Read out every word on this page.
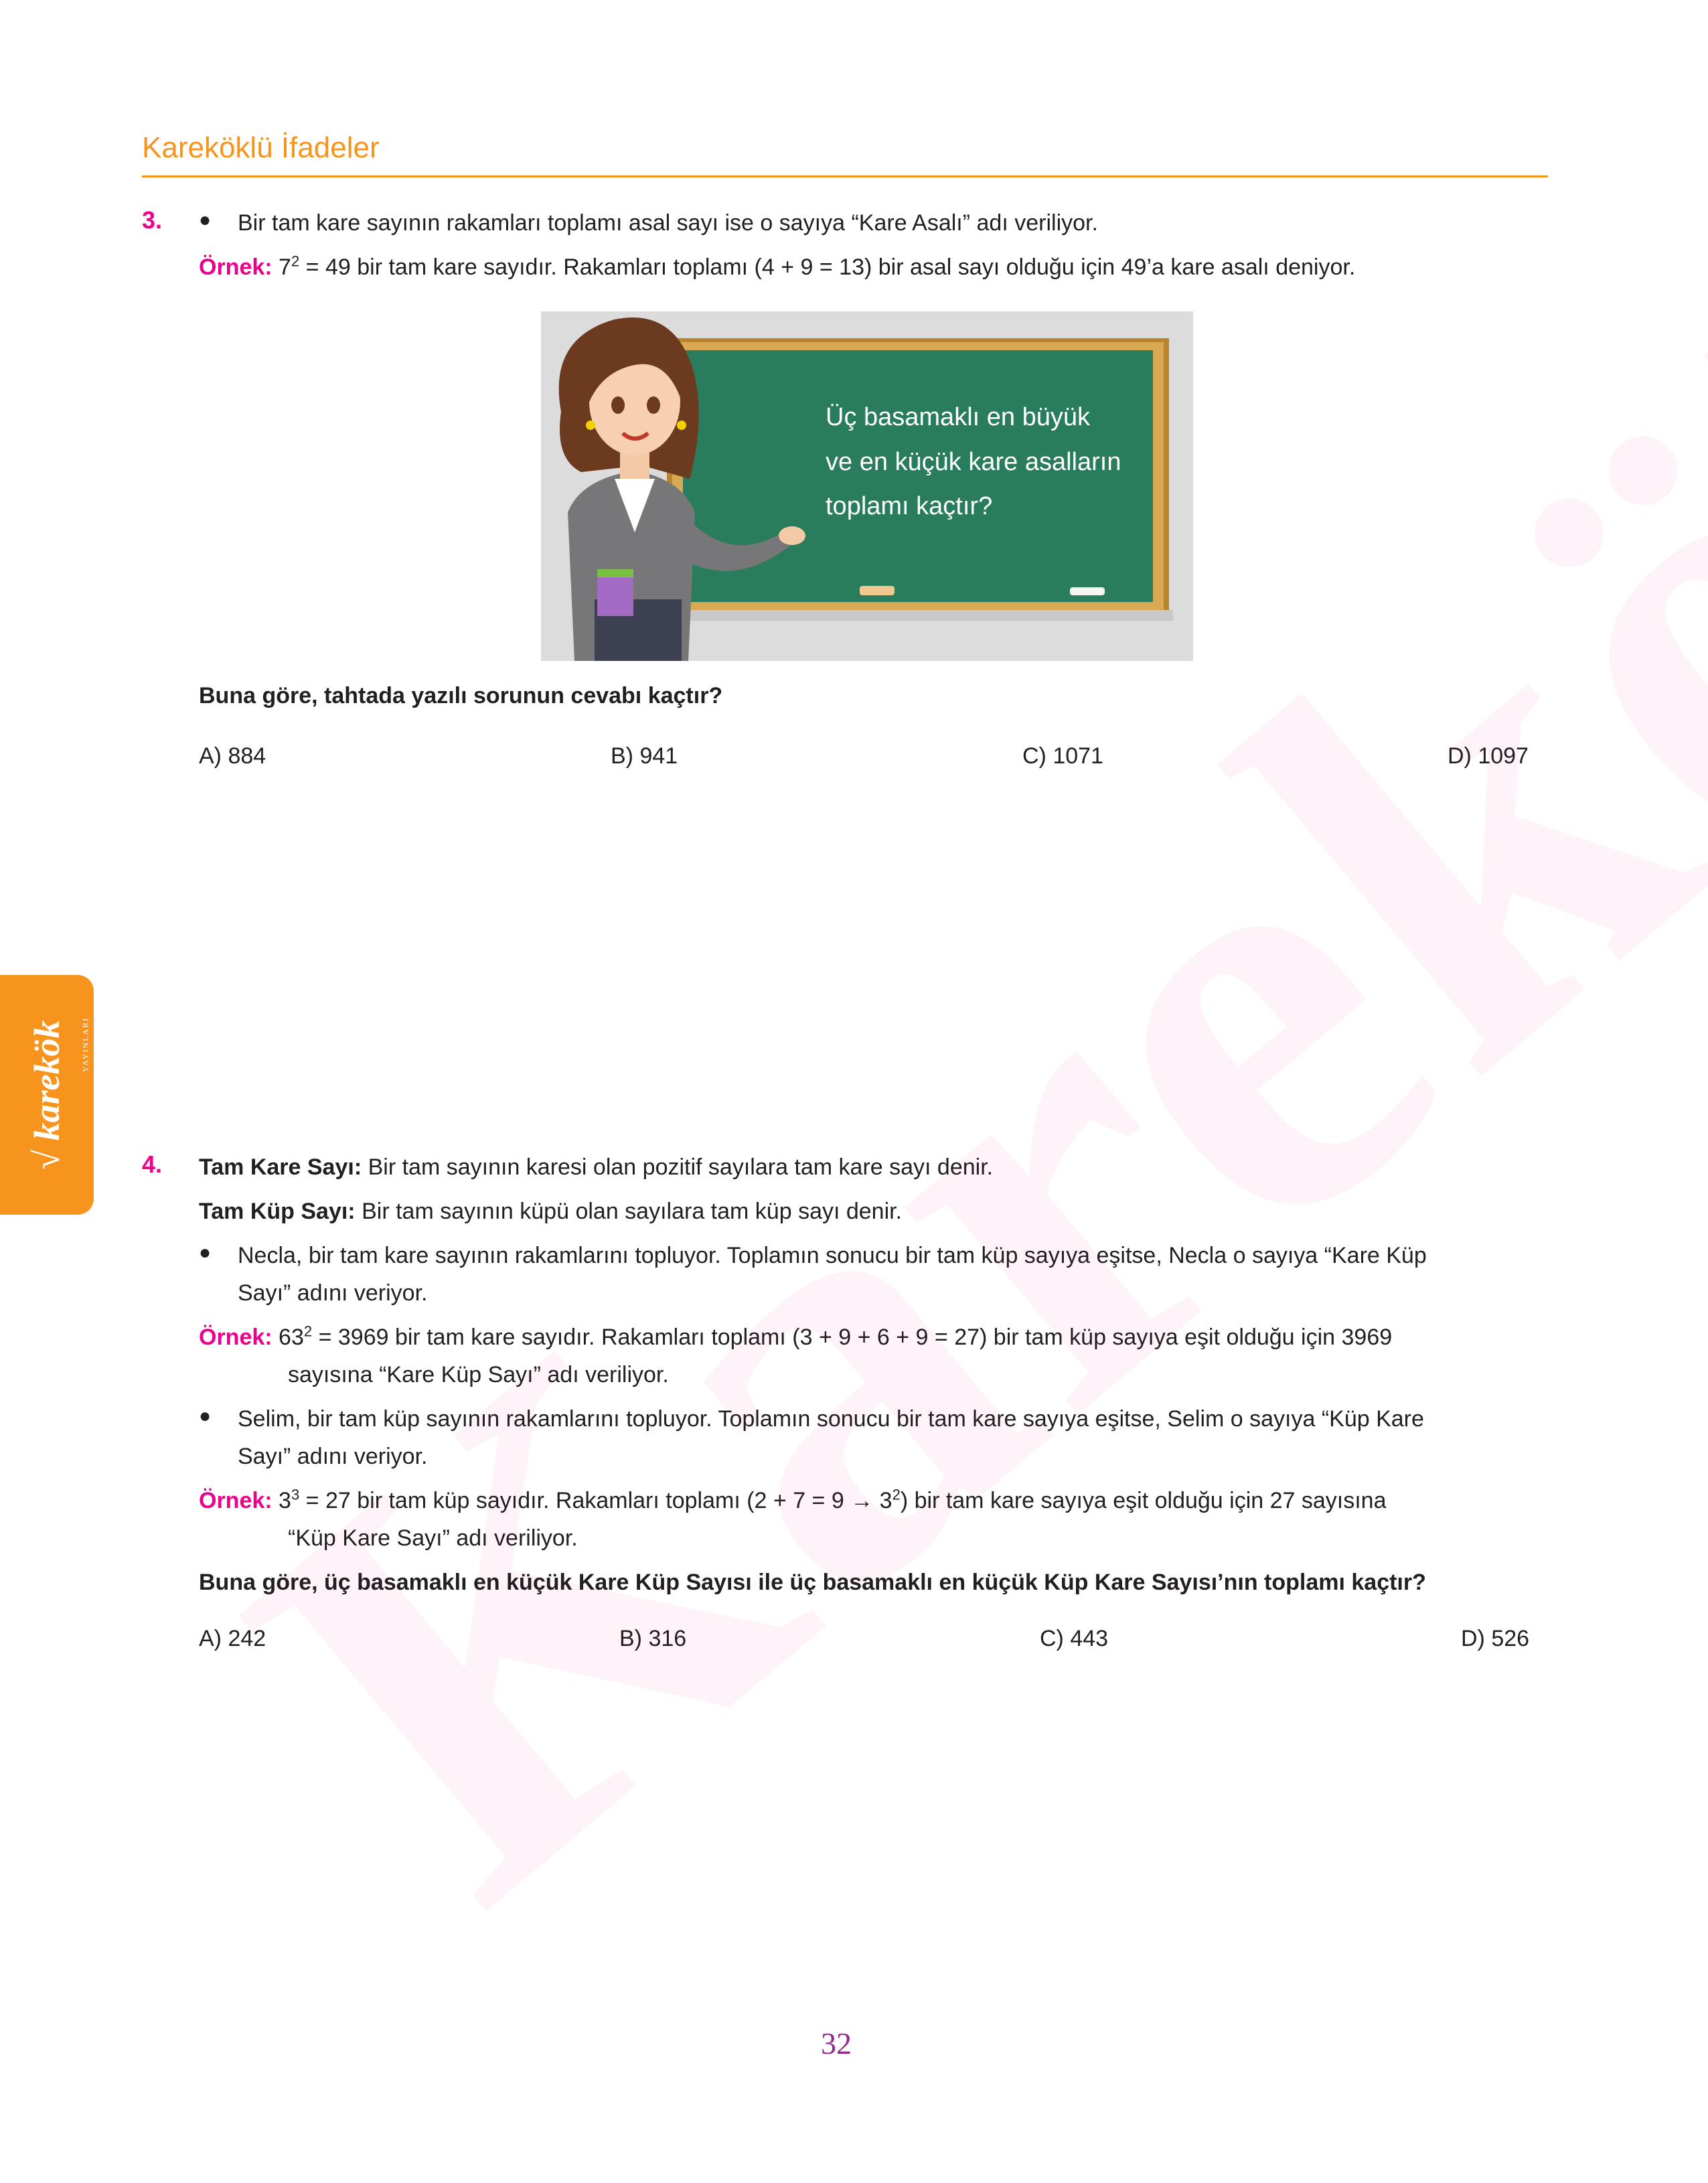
Kareköklü İfadeler
√ karekök YAYINLARI
3. ● Bir tam kare sayının rakamları toplamı asal sayı ise o sayıya “Kare Asalı” adı veriliyor.
Örnek: $7^2 = 49$ bir tam kare sayıdır. Rakamları toplamı (4 + 9 = 13) bir asal sayı olduğu için 49’a kare asalı deniyor.
Üç basamaklı en büyük
ve en küçük kare asalların
toplamı kaçtır?
Buna göre, tahtada yazılı sorunun cevabı kaçtır?
A) 884	B) 941	C) 1071	D) 1097
4. Tam Kare Sayı: Bir tam sayının karesi olan pozitif sayılara tam kare sayı denir.
Tam Küp Sayı: Bir tam sayının küpü olan sayılara tam küp sayı denir.
● Necla, bir tam kare sayının rakamlarını topluyor. Toplamın sonucu bir tam küp sayıya eşitse, Necla o sayıya “Kare Küp
Sayı” adını veriyor.
Örnek: $63^2 = 3969$ bir tam kare sayıdır. Rakamları toplamı (3 + 9 + 6 + 9 = 27) bir tam küp sayıya eşit olduğu için 3969
sayısına “Kare Küp Sayı” adı veriliyor.
● Selim, bir tam küp sayının rakamlarını topluyor. Toplamın sonucu bir tam kare sayıya eşitse, Selim o sayıya “Küp Kare
Sayı” adını veriyor.
Örnek: $3^3 = 27$ bir tam küp sayıdır. Rakamları toplamı $(2 + 7 = 9 \to 3^2)$ bir tam kare sayıya eşit olduğu için 27 sayısına
“Küp Kare Sayı” adı veriliyor.
Buna göre, üç basamaklı en küçük Kare Küp Sayısı ile üç basamaklı en küçük Küp Kare Sayısı’nın toplamı kaçtır?
A) 242	B) 316	C) 443	D) 526
32
